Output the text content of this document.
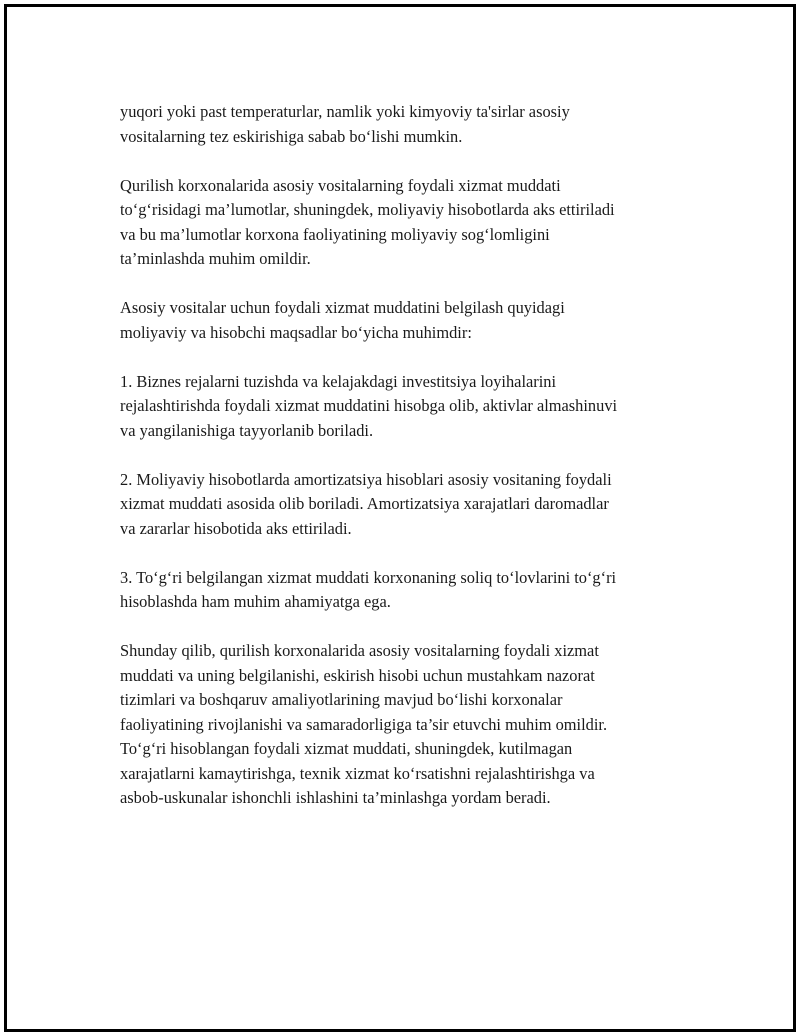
yuqori yoki past temperaturlar, namlik yoki kimyoviy ta'sirlar asosiy
vositalarning tez eskirishiga sabab bo‘lishi mumkin.

Qurilish korxonalarida asosiy vositalarning foydali xizmat muddati
to‘g‘risidagi ma’lumotlar, shuningdek, moliyaviy hisobotlarda aks ettiriladi
va bu ma’lumotlar korxona faoliyatining moliyaviy sog‘lomligini
ta’minlashda muhim omildir.

Asosiy vositalar uchun foydali xizmat muddatini belgilash quyidagi
moliyaviy va hisobchi maqsadlar bo‘yicha muhimdir:

1. Biznes rejalarni tuzishda va kelajakdagi investitsiya loyihalarini
rejalashtirishda foydali xizmat muddatini hisobga olib, aktivlar almashinuvi
va yangilanishiga tayyorlanib boriladi.

2. Moliyaviy hisobotlarda amortizatsiya hisoblari asosiy vositaning foydali
xizmat muddati asosida olib boriladi. Amortizatsiya xarajatlari daromadlar
va zararlar hisobotida aks ettiriladi.

3. To‘g‘ri belgilangan xizmat muddati korxonaning soliq to‘lovlarini to‘g‘ri
hisoblashda ham muhim ahamiyatga ega.

Shunday qilib, qurilish korxonalarida asosiy vositalarning foydali xizmat
muddati va uning belgilanishi, eskirish hisobi uchun mustahkam nazorat
tizimlari va boshqaruv amaliyotlarining mavjud bo‘lishi korxonalar
faoliyatining rivojlanishi va samaradorligiga ta’sir etuvchi muhim omildir.
To‘g‘ri hisoblangan foydali xizmat muddati, shuningdek, kutilmagan
xarajatlarni kamaytirishga, texnik xizmat ko‘rsatishni rejalashtirishga va
asbob-uskunalar ishonchli ishlashini ta’minlashga yordam beradi.
